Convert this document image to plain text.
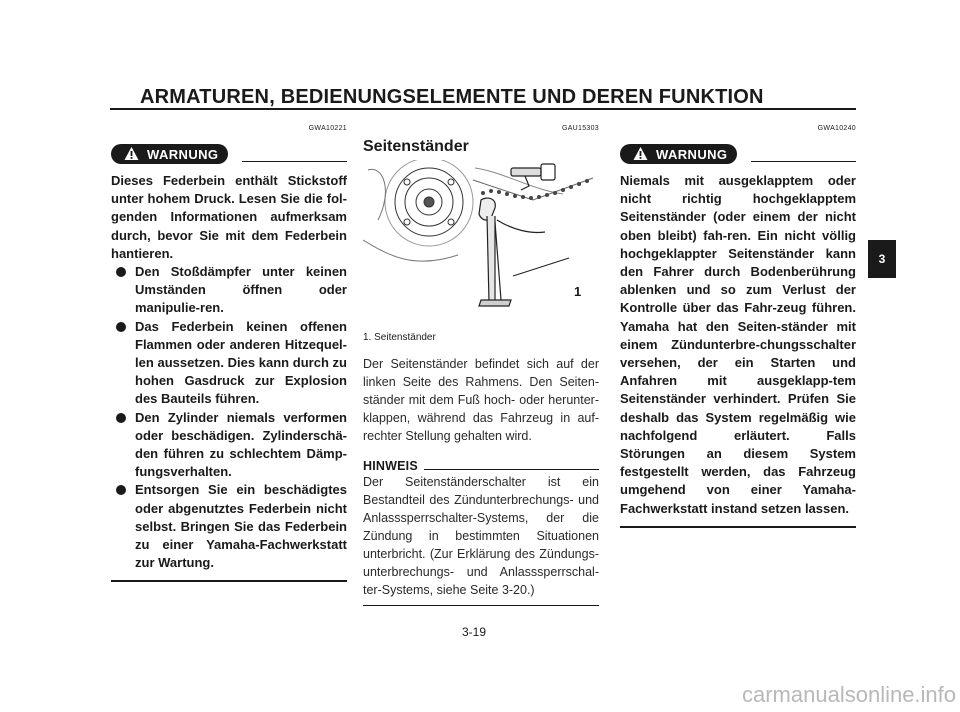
ARMATUREN, BEDIENUNGSELEMENTE UND DEREN FUNKTION
GWA10221
WARNUNG
Dieses Federbein enthält Stickstoff unter hohem Druck. Lesen Sie die fol-genden Informationen aufmerksam durch, bevor Sie mit dem Federbein hantieren.
Den Stoßdämpfer unter keinen Umständen öffnen oder manipulie-ren.
Das Federbein keinen offenen Flammen oder anderen Hitzequel-len aussetzen. Dies kann durch zu hohen Gasdruck zur Explosion des Bauteils führen.
Den Zylinder niemals verformen oder beschädigen. Zylinderschä-den führen zu schlechtem Dämp-fungsverhalten.
Entsorgen Sie ein beschädigtes oder abgenutztes Federbein nicht selbst. Bringen Sie das Federbein zu einer Yamaha-Fachwerkstatt zur Wartung.
GAU15303
Seitenständer
1
1. Seitenständer
Der Seitenständer befindet sich auf der linken Seite des Rahmens. Den Seiten-ständer mit dem Fuß hoch- oder herunter-klappen, während das Fahrzeug in auf-rechter Stellung gehalten wird.
HINWEIS
Der Seitenständerschalter ist ein Bestandteil des Zündunterbrechungs- und Anlasssperrschalter-Systems, der die Zündung in bestimmten Situationen unterbricht. (Zur Erklärung des Zündungs-unterbrechungs- und Anlasssperrschal-ter-Systems, siehe Seite 3-20.)
GWA10240
WARNUNG
Niemals mit ausgeklapptem oder nicht richtig hochgeklapptem Seitenständer (oder einem der nicht oben bleibt) fah-ren. Ein nicht völlig hochgeklappter Seitenständer kann den Fahrer durch Bodenberührung ablenken und so zum Verlust der Kontrolle über das Fahr-zeug führen. Yamaha hat den Seiten-ständer mit einem Zündunterbre-chungsschalter versehen, der ein Starten und Anfahren mit ausgeklapp-tem Seitenständer verhindert. Prüfen Sie deshalb das System regelmäßig wie nachfolgend erläutert. Falls Störungen an diesem System festgestellt werden, das Fahrzeug umgehend von einer Yamaha-Fachwerkstatt instand setzen lassen.
3-19
3
carmanualsonline.info
